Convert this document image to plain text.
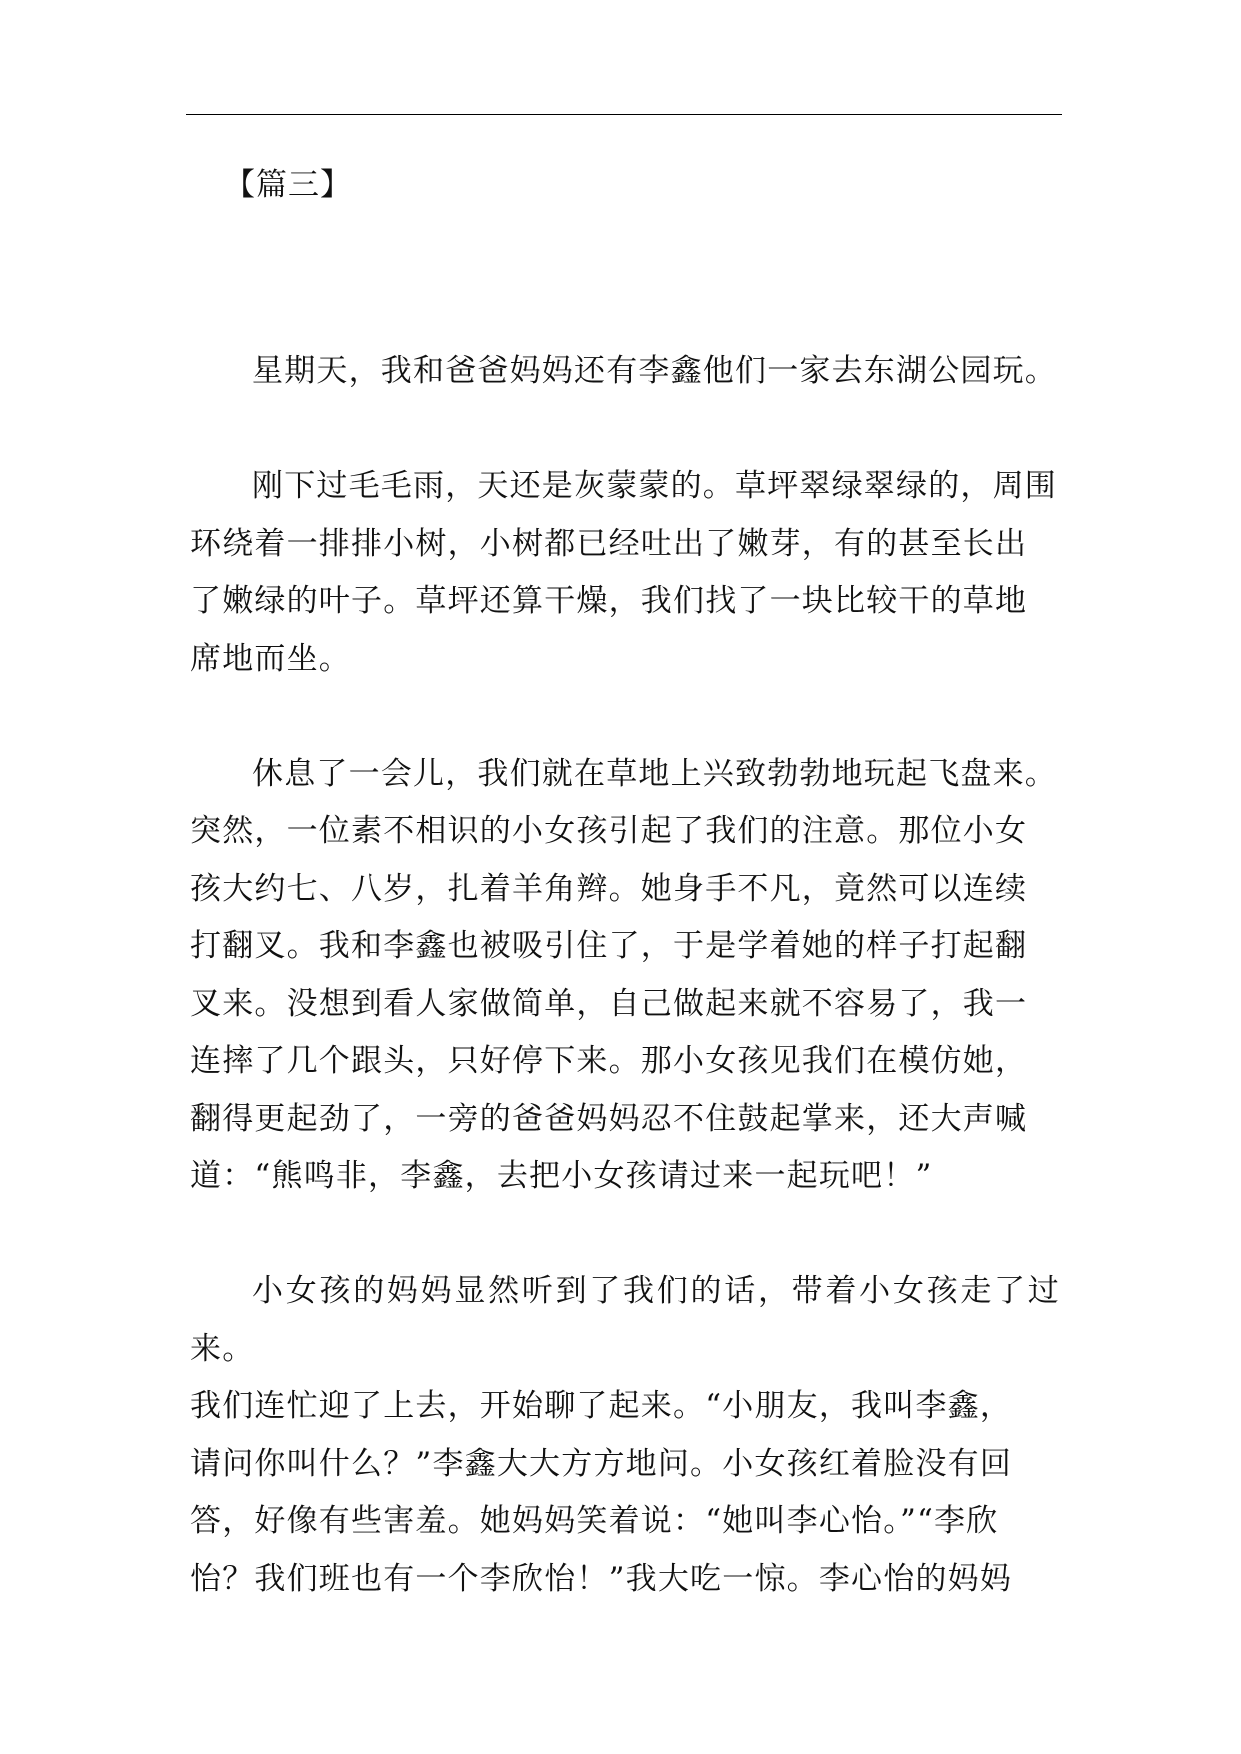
【篇三】

星期天，我和爸爸妈妈还有李鑫他们一家去东湖公园玩。

刚下过毛毛雨，天还是灰蒙蒙的。草坪翠绿翠绿的，周围
环绕着一排排小树，小树都已经吐出了嫩芽，有的甚至长出
了嫩绿的叶子。草坪还算干燥，我们找了一块比较干的草地
席地而坐。

休息了一会儿，我们就在草地上兴致勃勃地玩起飞盘来。
突然，一位素不相识的小女孩引起了我们的注意。那位小女
孩大约七、八岁，扎着羊角辫。她身手不凡，竟然可以连续
打翻叉。我和李鑫也被吸引住了，于是学着她的样子打起翻
叉来。没想到看人家做简单，自己做起来就不容易了，我一
连摔了几个跟头，只好停下来。那小女孩见我们在模仿她，
翻得更起劲了，一旁的爸爸妈妈忍不住鼓起掌来，还大声喊
道：“熊鸣非，李鑫，去把小女孩请过来一起玩吧！”

小女孩的妈妈显然听到了我们的话，带着小女孩走了过来。
我们连忙迎了上去，开始聊了起来。“小朋友，我叫李鑫，
请问你叫什么？”李鑫大大方方地问。小女孩红着脸没有回
答，好像有些害羞。她妈妈笑着说：“她叫李心怡。”“李欣
怡？我们班也有一个李欣怡！”我大吃一惊。李心怡的妈妈
